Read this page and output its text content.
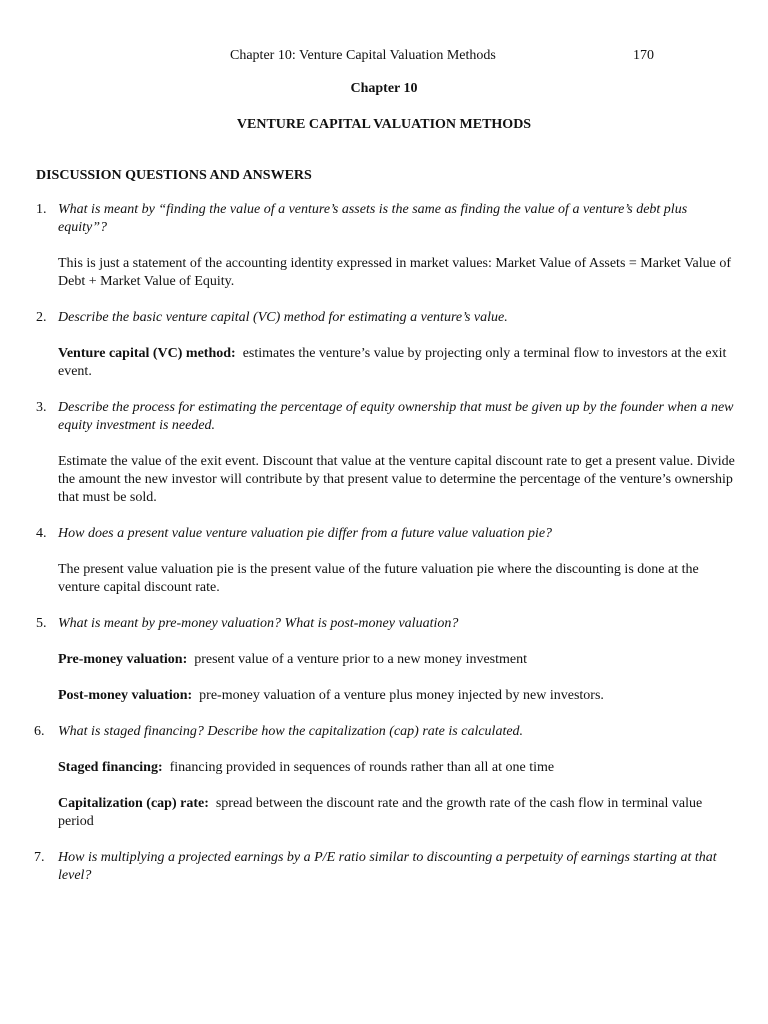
Chapter 10: Venture Capital Valuation Methods	170
Chapter 10
VENTURE CAPITAL VALUATION METHODS
DISCUSSION QUESTIONS AND ANSWERS
1. What is meant by “finding the value of a venture’s assets is the same as finding the value of a venture’s debt plus equity”?
This is just a statement of the accounting identity expressed in market values: Market Value of Assets = Market Value of Debt + Market Value of Equity.
2. Describe the basic venture capital (VC) method for estimating a venture’s value.
Venture capital (VC) method: estimates the venture’s value by projecting only a terminal flow to investors at the exit event.
3. Describe the process for estimating the percentage of equity ownership that must be given up by the founder when a new equity investment is needed.
Estimate the value of the exit event. Discount that value at the venture capital discount rate to get a present value. Divide the amount the new investor will contribute by that present value to determine the percentage of the venture’s ownership that must be sold.
4. How does a present value venture valuation pie differ from a future value valuation pie?
The present value valuation pie is the present value of the future valuation pie where the discounting is done at the venture capital discount rate.
5. What is meant by pre-money valuation? What is post-money valuation?
Pre-money valuation: present value of a venture prior to a new money investment
Post-money valuation: pre-money valuation of a venture plus money injected by new investors.
6. What is staged financing? Describe how the capitalization (cap) rate is calculated.
Staged financing: financing provided in sequences of rounds rather than all at one time
Capitalization (cap) rate: spread between the discount rate and the growth rate of the cash flow in terminal value period
7. How is multiplying a projected earnings by a P/E ratio similar to discounting a perpetuity of earnings starting at that level?
